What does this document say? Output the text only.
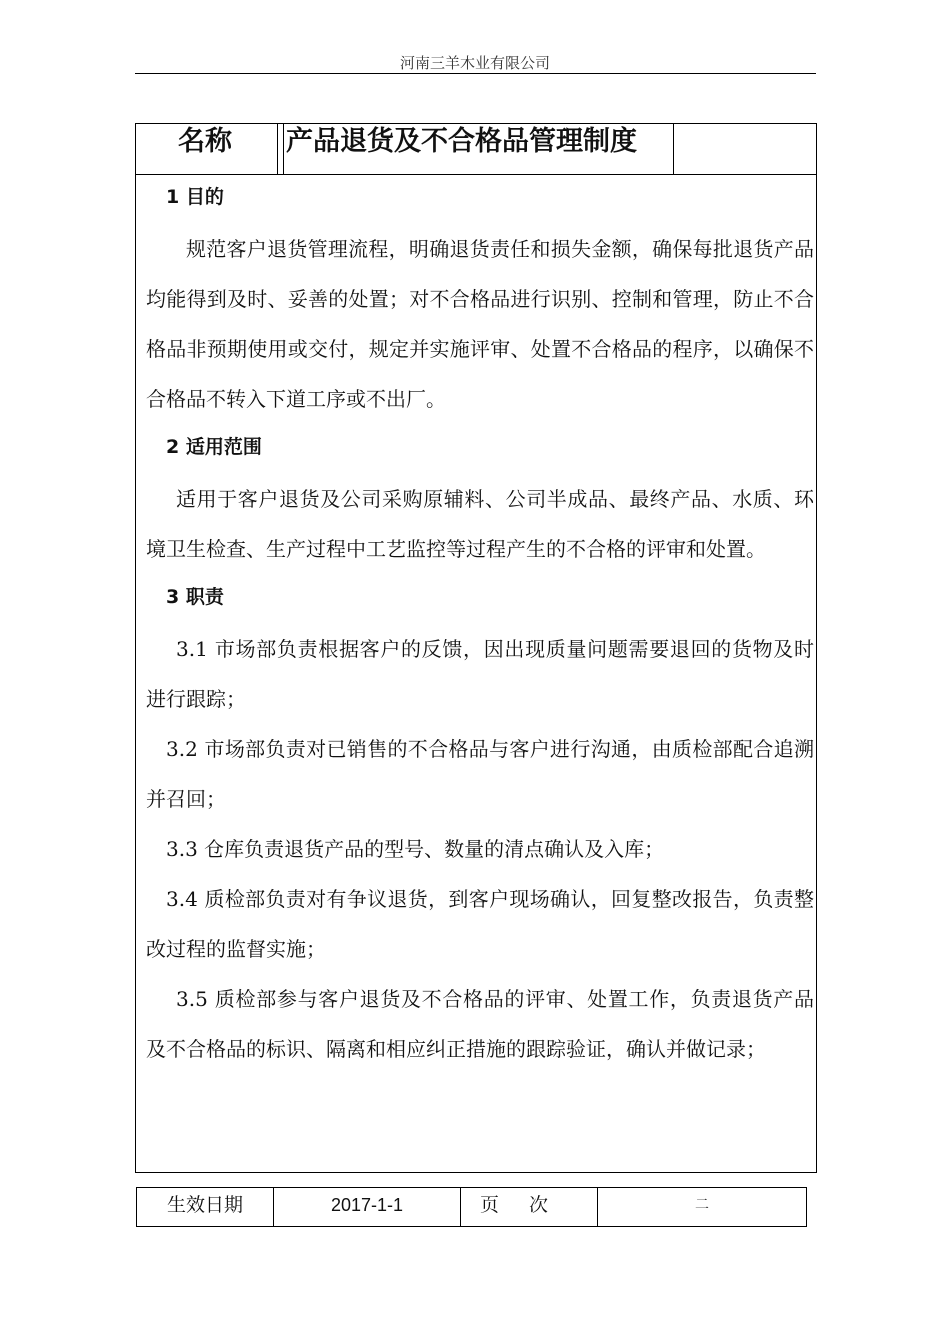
河南三羊木业有限公司
名称	产品退货及不合格品管理制度
1 目的

规范客户退货管理流程，明确退货责任和损失金额，确保每批退货产品均能得到及时、妥善的处置；对不合格品进行识别、控制和管理，防止不合格品非预期使用或交付，规定并实施评审、处置不合格品的程序，以确保不合格品不转入下道工序或不出厂。

2 适用范围

适用于客户退货及公司采购原辅料、公司半成品、最终产品、水质、环境卫生检查、生产过程中工艺监控等过程产生的不合格的评审和处置。

3 职责

3.1 市场部负责根据客户的反馈，因出现质量问题需要退回的货物及时进行跟踪；

3.2 市场部负责对已销售的不合格品与客户进行沟通，由质检部配合追溯并召回；

3.3 仓库负责退货产品的型号、数量的清点确认及入库；

3.4 质检部负责对有争议退货，到客户现场确认，回复整改报告，负责整改过程的监督实施；

3.5 质检部参与客户退货及不合格品的评审、处置工作，负责退货产品及不合格品的标识、隔离和相应纠正措施的跟踪验证，确认并做记录；

生效日期	2017-1-1	页次	二
